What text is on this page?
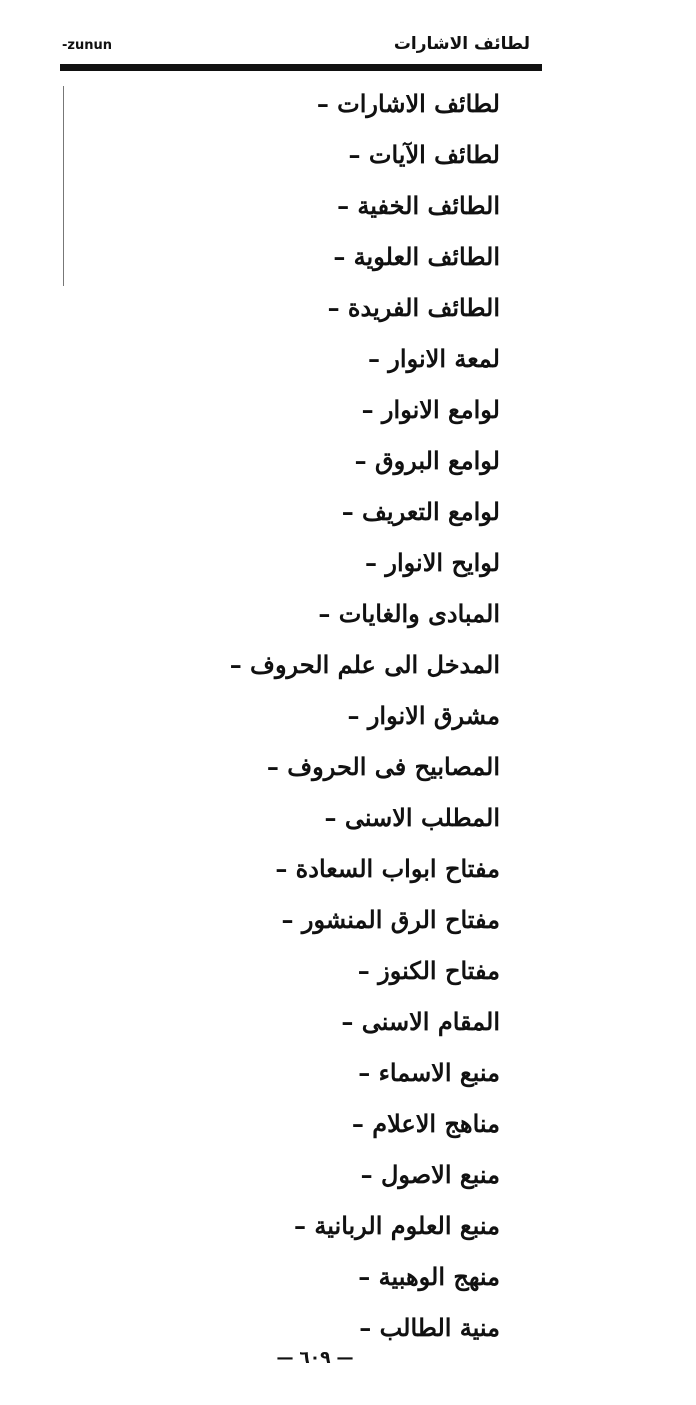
لطائف الاشارات
-zunun
لطائف الاشارات –
لطائف الآيات –
الطائف الخفية –
الطائف العلوية –
الطائف الفريدة –
لمعة الانوار –
لوامع الانوار –
لوامع البروق –
لوامع التعريف –
لوايح الانوار –
المبادى والغايات –
المدخل الى علم الحروف –
مشرق الانوار –
المصابيح فى الحروف –
المطلب الاسنى –
مفتاح ابواب السعادة –
مفتاح الرق المنشور –
مفتاح الكنوز –
المقام الاسنى –
منبع الاسماء –
مناهج الاعلام –
منبع الاصول –
منبع العلوم الربانية –
منهج الوهبية –
منية الطالب –
— ٦٠٩ —
